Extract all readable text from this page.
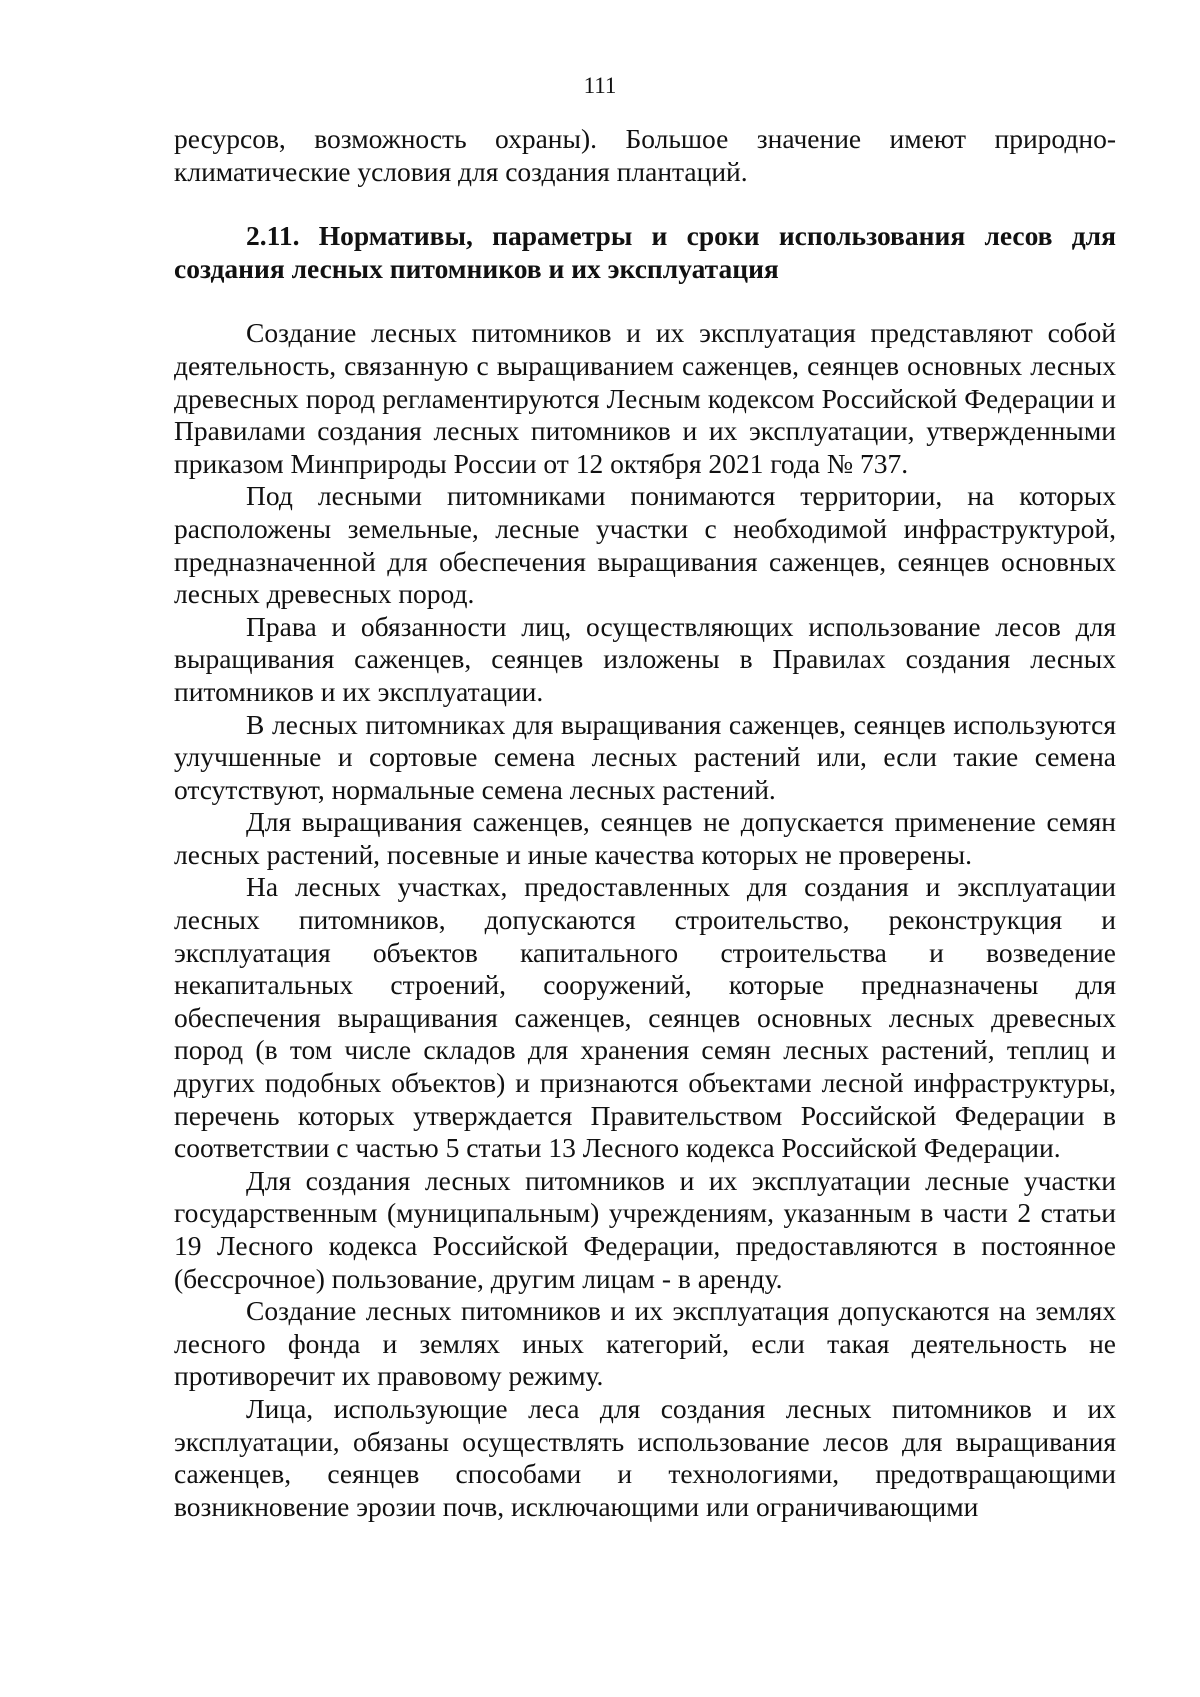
111

ресурсов, возможность охраны). Большое значение имеют природно-климатические условия для создания плантаций.

2.11. Нормативы, параметры и сроки использования лесов для создания лесных питомников и их эксплуатация

Создание лесных питомников и их эксплуатация представляют собой деятельность, связанную с выращиванием саженцев, сеянцев основных лесных древесных пород регламентируются Лесным кодексом Российской Федерации и Правилами создания лесных питомников и их эксплуатации, утвержденными приказом Минприроды России от 12 октября 2021 года № 737.

Под лесными питомниками понимаются территории, на которых расположены земельные, лесные участки с необходимой инфраструктурой, предназначенной для обеспечения выращивания саженцев, сеянцев основных лесных древесных пород.

Права и обязанности лиц, осуществляющих использование лесов для выращивания саженцев, сеянцев изложены в Правилах создания лесных питомников и их эксплуатации.

В лесных питомниках для выращивания саженцев, сеянцев используются улучшенные и сортовые семена лесных растений или, если такие семена отсутствуют, нормальные семена лесных растений.

Для выращивания саженцев, сеянцев не допускается применение семян лесных растений, посевные и иные качества которых не проверены.

На лесных участках, предоставленных для создания и эксплуатации лесных питомников, допускаются строительство, реконструкция и эксплуатация объектов капитального строительства и возведение некапитальных строений, сооружений, которые предназначены для обеспечения выращивания саженцев, сеянцев основных лесных древесных пород (в том числе складов для хранения семян лесных растений, теплиц и других подобных объектов) и признаются объектами лесной инфраструктуры, перечень которых утверждается Правительством Российской Федерации в соответствии с частью 5 статьи 13 Лесного кодекса Российской Федерации.

Для создания лесных питомников и их эксплуатации лесные участки государственным (муниципальным) учреждениям, указанным в части 2 статьи 19 Лесного кодекса Российской Федерации, предоставляются в постоянное (бессрочное) пользование, другим лицам - в аренду.

Создание лесных питомников и их эксплуатация допускаются на землях лесного фонда и землях иных категорий, если такая деятельность не противоречит их правовому режиму.

Лица, использующие леса для создания лесных питомников и их эксплуатации, обязаны осуществлять использование лесов для выращивания саженцев, сеянцев способами и технологиями, предотвращающими возникновение эрозии почв, исключающими или ограничивающими
